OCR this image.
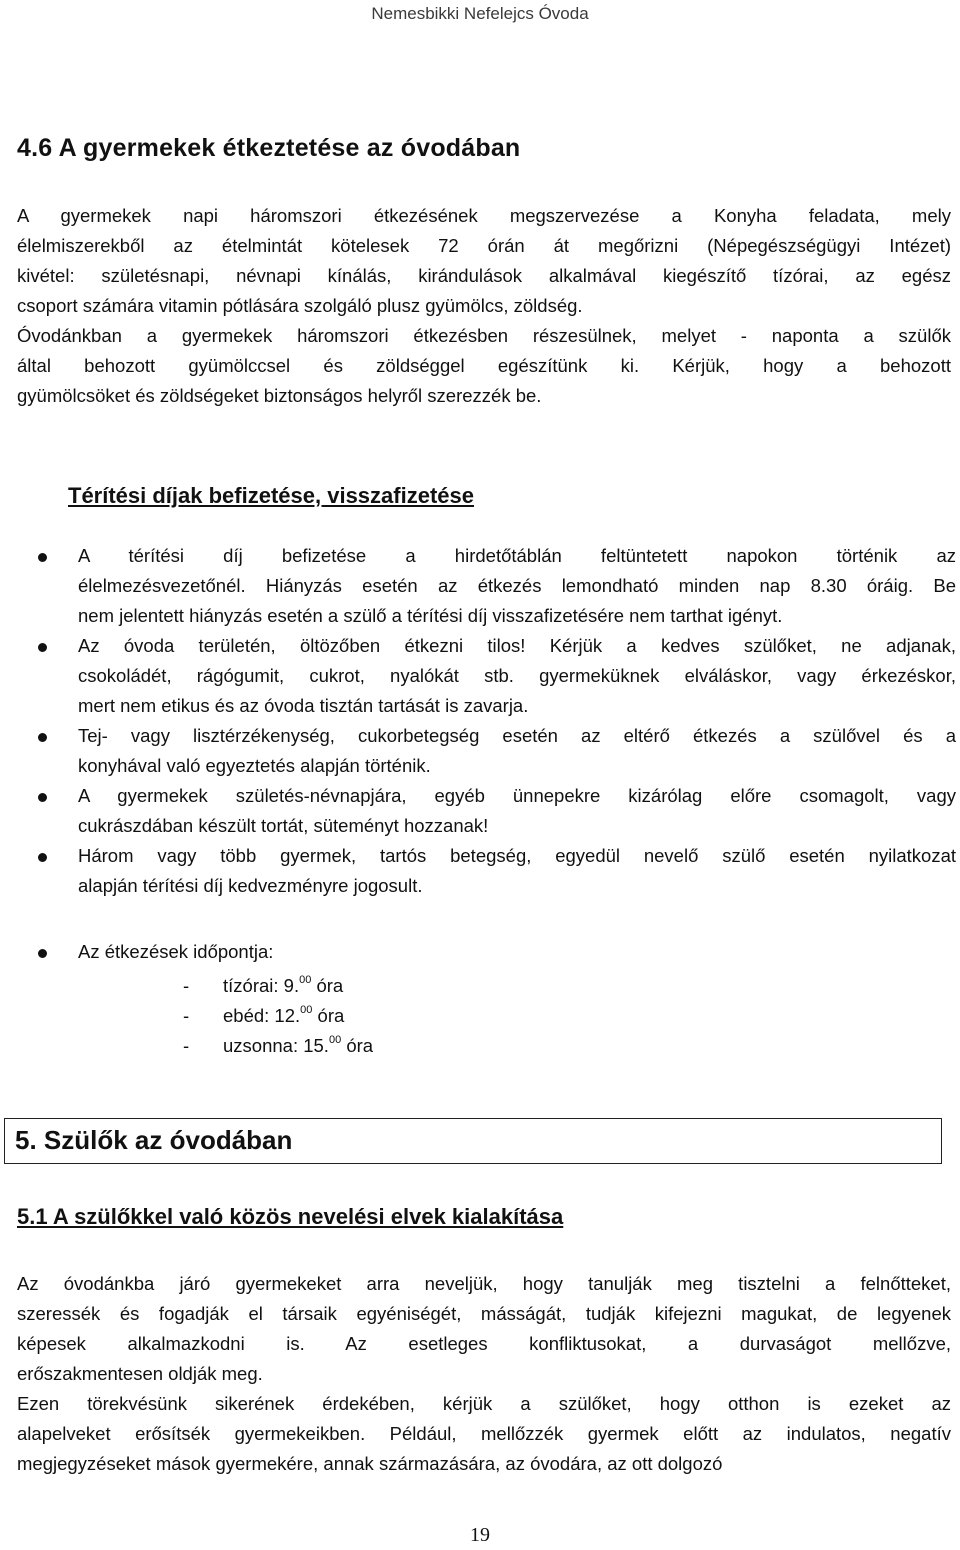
Nemesbikki Nefelejcs Óvoda
4.6 A gyermekek étkeztetése az óvodában
A gyermekek napi háromszori étkezésének megszervezése a Konyha feladata, mely
élelmiszerekből az ételmintát kötelesek 72 órán át megőrizni (Népegészségügyi Intézet)
kivétel: születésnapi, névnapi kínálás, kirándulások alkalmával kiegészítő tízórai, az egész
csoport számára vitamin pótlására szolgáló plusz gyümölcs, zöldség.
Óvodánkban a gyermekek háromszori étkezésben részesülnek, melyet - naponta a szülők
által behozott gyümölccsel és zöldséggel egészítünk ki. Kérjük, hogy a behozott
gyümölcsöket és zöldségeket biztonságos helyről szerezzék be.
Térítési díjak befizetése, visszafizetése
A térítési díj befizetése a hirdetőtáblán feltüntetett napokon történik az
élelmezésvezetőnél. Hiányzás esetén az étkezés lemondható minden nap 8.30 óráig. Be
nem jelentett hiányzás esetén a szülő a térítési díj visszafizetésére nem tarthat igényt.
Az óvoda területén, öltözőben étkezni tilos! Kérjük a kedves szülőket, ne adjanak,
csokoládét, rágógumit, cukrot, nyalókát stb. gyermeküknek elváláskor, vagy érkezéskor,
mert nem etikus és az óvoda tisztán tartását is zavarja.
Tej- vagy lisztérzékenység, cukorbetegség esetén az eltérő étkezés a szülővel és a
konyhával való egyeztetés alapján történik.
A gyermekek születés-névnapjára, egyéb ünnepekre kizárólag előre csomagolt, vagy
cukrászdában készült tortát, süteményt hozzanak!
Három vagy több gyermek, tartós betegség, egyedül nevelő szülő esetén nyilatkozat
alapján térítési díj kedvezményre jogosult.
Az étkezések időpontja:
- tízórai: 9.00 óra
- ebéd: 12.00 óra
- uzsonna: 15.00 óra
5. Szülők az óvodában
5.1 A szülőkkel való közös nevelési elvek kialakítása
Az óvodánkba járó gyermekeket arra neveljük, hogy tanulják meg tisztelni a felnőtteket,
szeressék és fogadják el társaik egyéniségét, másságát, tudják kifejezni magukat, de legyenek
képesek alkalmazkodni is. Az esetleges konfliktusokat, a durvaságot mellőzve,
erőszakmentesen oldják meg.
Ezen törekvésünk sikerének érdekében, kérjük a szülőket, hogy otthon is ezeket az
alapelveket erősítsék gyermekeikben. Például, mellőzzék gyermek előtt az indulatos, negatív
megjegyzéseket mások gyermekére, annak származására, az óvodára, az ott dolgozó
19
